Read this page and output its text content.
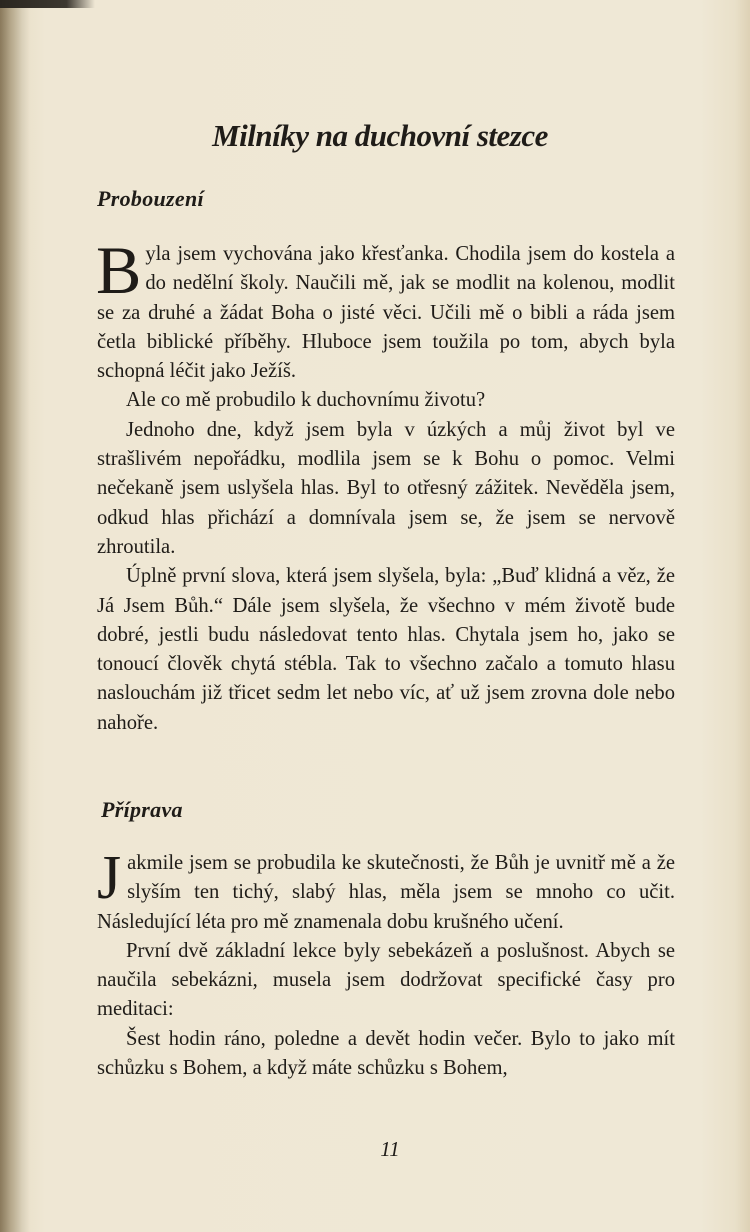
Milníky na duchovní stezce
Probouzení

Byla jsem vychována jako křesťanka. Chodila jsem do kostela a do nedělní školy. Naučili mě, jak se modlit na kolenou, modlit se za druhé a žádat Boha o jisté věci. Učili mě o bibli a ráda jsem četla biblické příběhy. Hluboce jsem toužila po tom, abych byla schopná léčit jako Ježíš.

Ale co mě probudilo k duchovnímu životu?

Jednoho dne, když jsem byla v úzkých a můj život byl ve strašlivém nepořádku, modlila jsem se k Bohu o pomoc. Velmi nečekaně jsem uslyšela hlas. Byl to otřesný zážitek. Nevěděla jsem, odkud hlas přichází a domnívala jsem se, že jsem se nervově zhroutila.

Úplně první slova, která jsem slyšela, byla: „Buď klidná a věz, že Já Jsem Bůh.“ Dále jsem slyšela, že všechno v mém životě bude dobré, jestli budu následovat tento hlas. Chytala jsem ho, jako se tonoucí člověk chytá stébla. Tak to všechno začalo a tomuto hlasu naslouchám již třicet sedm let nebo víc, ať už jsem zrovna dole nebo nahoře.

Příprava

Jakmile jsem se probudila ke skutečnosti, že Bůh je uvnitř mě a že slyším ten tichý, slabý hlas, měla jsem se mnoho co učit. Následující léta pro mě znamenala dobu krušného učení.

První dvě základní lekce byly sebekázeň a poslušnost. Abych se naučila sebekázni, musela jsem dodržovat specifické časy pro meditaci:

Šest hodin ráno, poledne a devět hodin večer. Bylo to jako mít schůzku s Bohem, a když máte schůzku s Bohem,

11
